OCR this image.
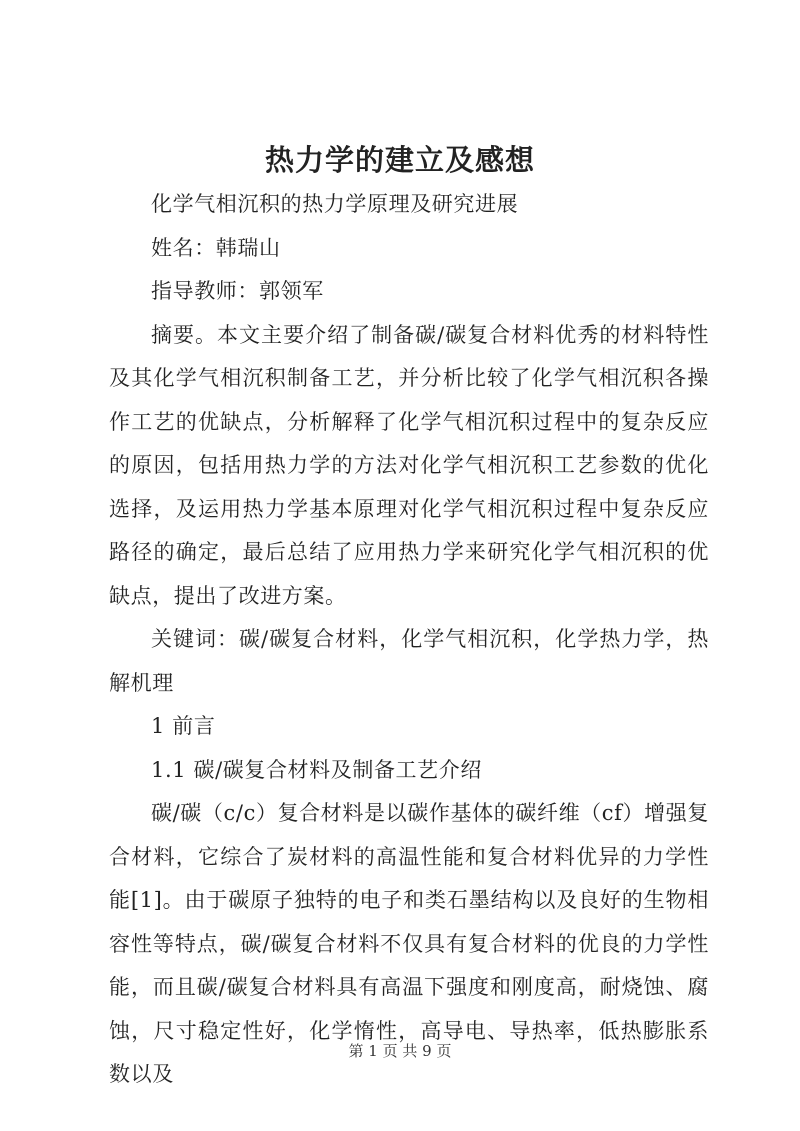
热力学的建立及感想

化学气相沉积的热力学原理及研究进展

姓名：韩瑞山

指导教师：郭领军

摘要。本文主要介绍了制备碳/碳复合材料优秀的材料特性及其化学气相沉积制备工艺，并分析比较了化学气相沉积各操作工艺的优缺点，分析解释了化学气相沉积过程中的复杂反应的原因，包括用热力学的方法对化学气相沉积工艺参数的优化选择，及运用热力学基本原理对化学气相沉积过程中复杂反应路径的确定，最后总结了应用热力学来研究化学气相沉积的优缺点，提出了改进方案。

关键词：碳/碳复合材料，化学气相沉积，化学热力学，热解机理

1 前言

1.1 碳/碳复合材料及制备工艺介绍

碳/碳（c/c）复合材料是以碳作基体的碳纤维（cf）增强复合材料，它综合了炭材料的高温性能和复合材料优异的力学性能[1]。由于碳原子独特的电子和类石墨结构以及良好的生物相容性等特点，碳/碳复合材料不仅具有复合材料的优良的力学性能，而且碳/碳复合材料具有高温下强度和刚度高，耐烧蚀、腐蚀，尺寸稳定性好，化学惰性，高导电、导热率，低热膨胀系数以及

第 1 页 共 9 页
